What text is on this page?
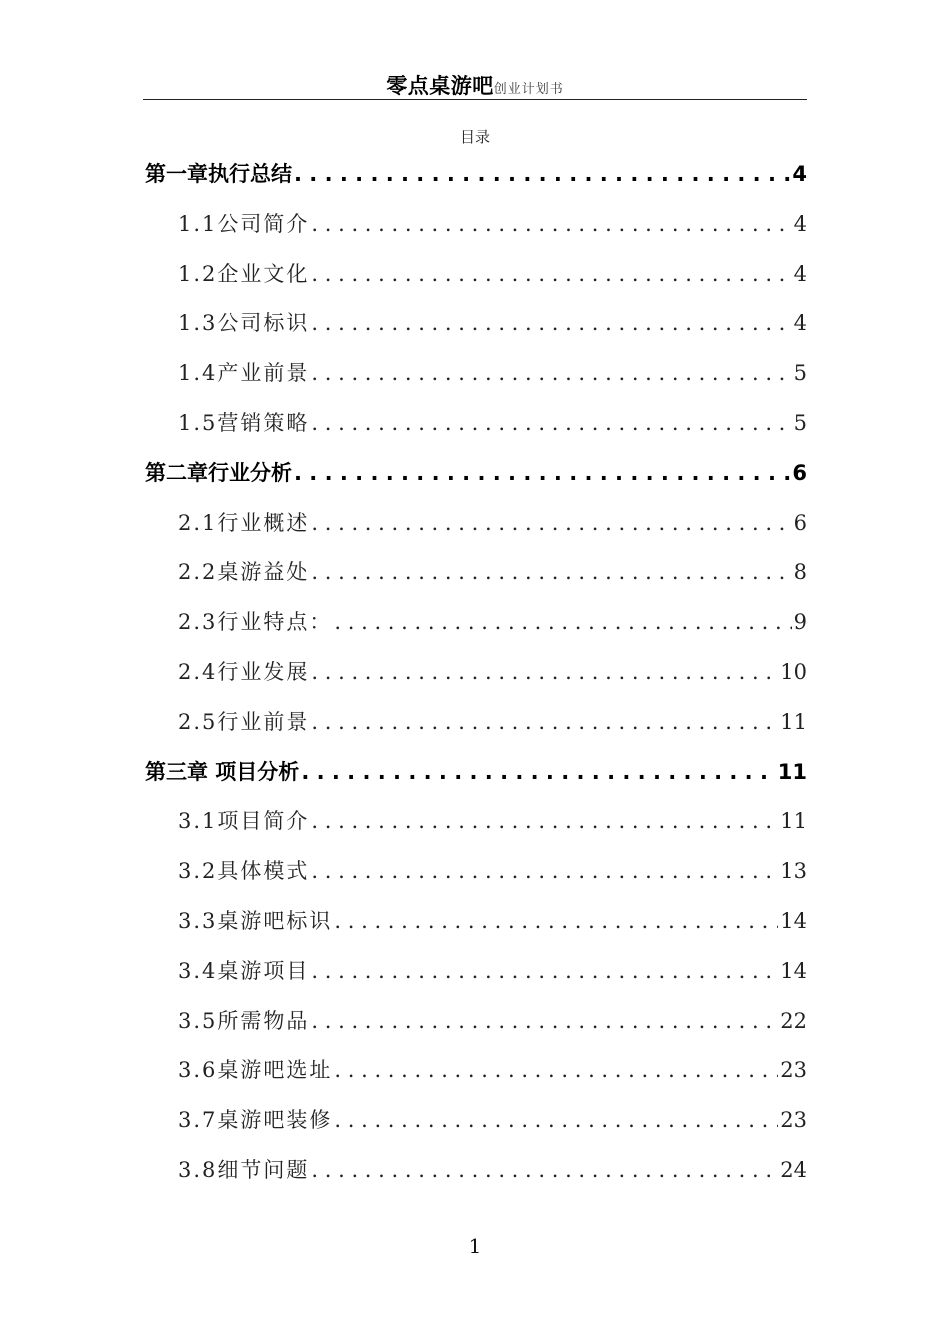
零点桌游吧创业计划书
目录
第一章执行总结 . . .	4
1.1公司简介 . . .	4
1.2企业文化 . . .	4
1.3公司标识 . . .	4
1.4产业前景 . . .	5
1.5营销策略 . . .	5
第二章行业分析 . . .	6
2.1行业概述 . . .	6
2.2桌游益处 . . .	8
2.3行业特点： . . .	9
2.4行业发展 . . .	10
2.5行业前景 . . .	11
第三章 项目分析 . . .	11
3.1项目简介 . . .	11
3.2具体模式 . . .	13
3.3桌游吧标识 . . .	14
3.4桌游项目 . . .	14
3.5所需物品 . . .	22
3.6桌游吧选址 . . .	23
3.7桌游吧装修 . . .	23
3.8细节问题 . . .	24
1
